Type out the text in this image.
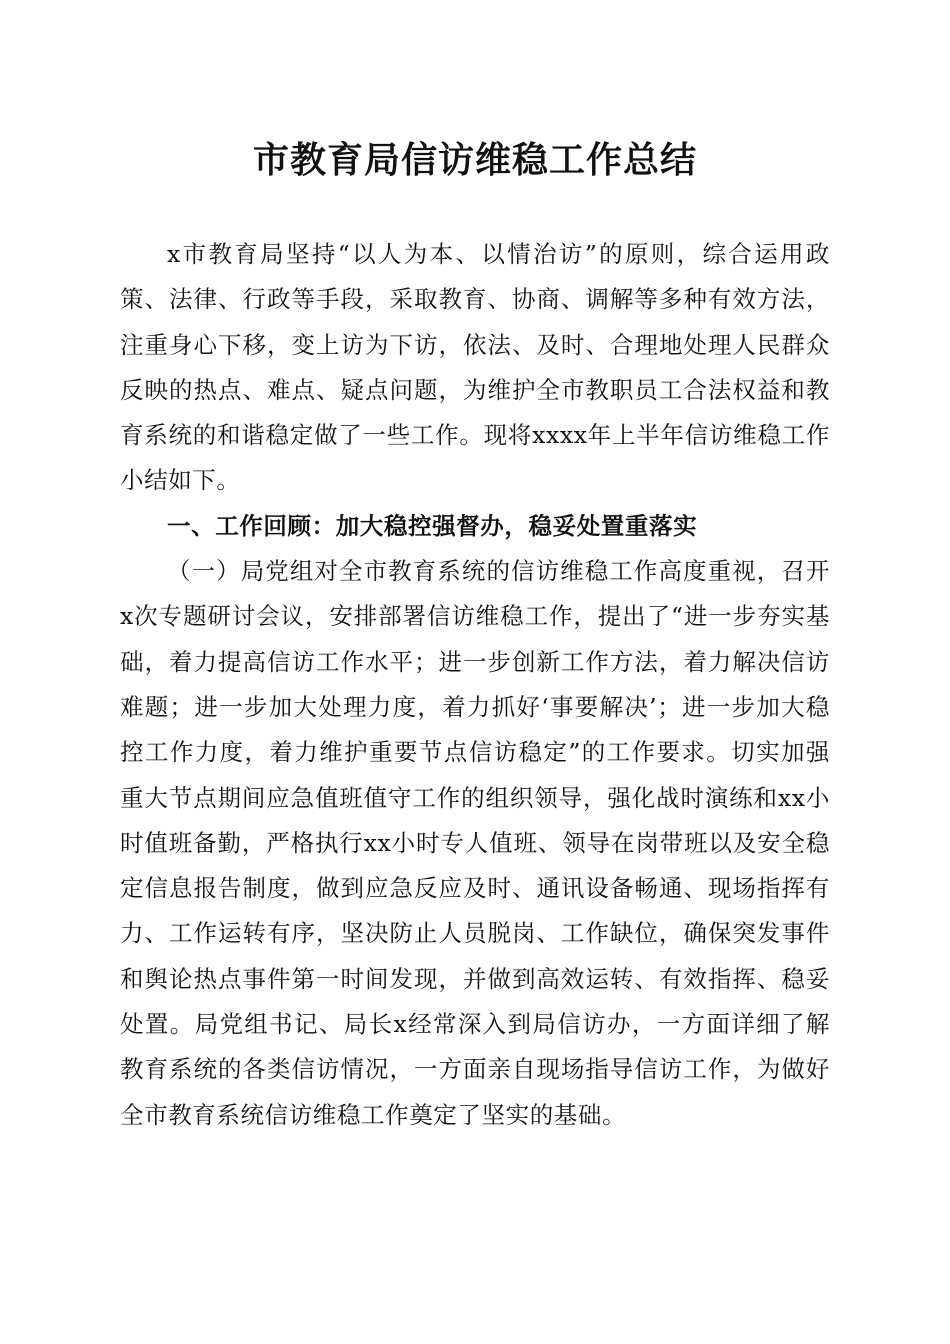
市教育局信访维稳工作总结

x市教育局坚持“以人为本、以情治访”的原则，综合运用政策、法律、行政等手段，采取教育、协商、调解等多种有效方法，注重身心下移，变上访为下访，依法、及时、合理地处理人民群众反映的热点、难点、疑点问题，为维护全市教职员工合法权益和教育系统的和谐稳定做了一些工作。现将xxxx年上半年信访维稳工作小结如下。

一、工作回顾：加大稳控强督办，稳妥处置重落实

（一）局党组对全市教育系统的信访维稳工作高度重视，召开x次专题研讨会议，安排部署信访维稳工作，提出了“进一步夯实基础，着力提高信访工作水平；进一步创新工作方法，着力解决信访难题；进一步加大处理力度，着力抓好‘事要解决’；进一步加大稳控工作力度，着力维护重要节点信访稳定”的工作要求。切实加强重大节点期间应急值班值守工作的组织领导，强化战时演练和xx小时值班备勤，严格执行xx小时专人值班、领导在岗带班以及安全稳定信息报告制度，做到应急反应及时、通讯设备畅通、现场指挥有力、工作运转有序，坚决防止人员脱岗、工作缺位，确保突发事件和舆论热点事件第一时间发现，并做到高效运转、有效指挥、稳妥处置。局党组书记、局长x经常深入到局信访办，一方面详细了解教育系统的各类信访情况，一方面亲自现场指导信访工作，为做好全市教育系统信访维稳工作奠定了坚实的基础。
